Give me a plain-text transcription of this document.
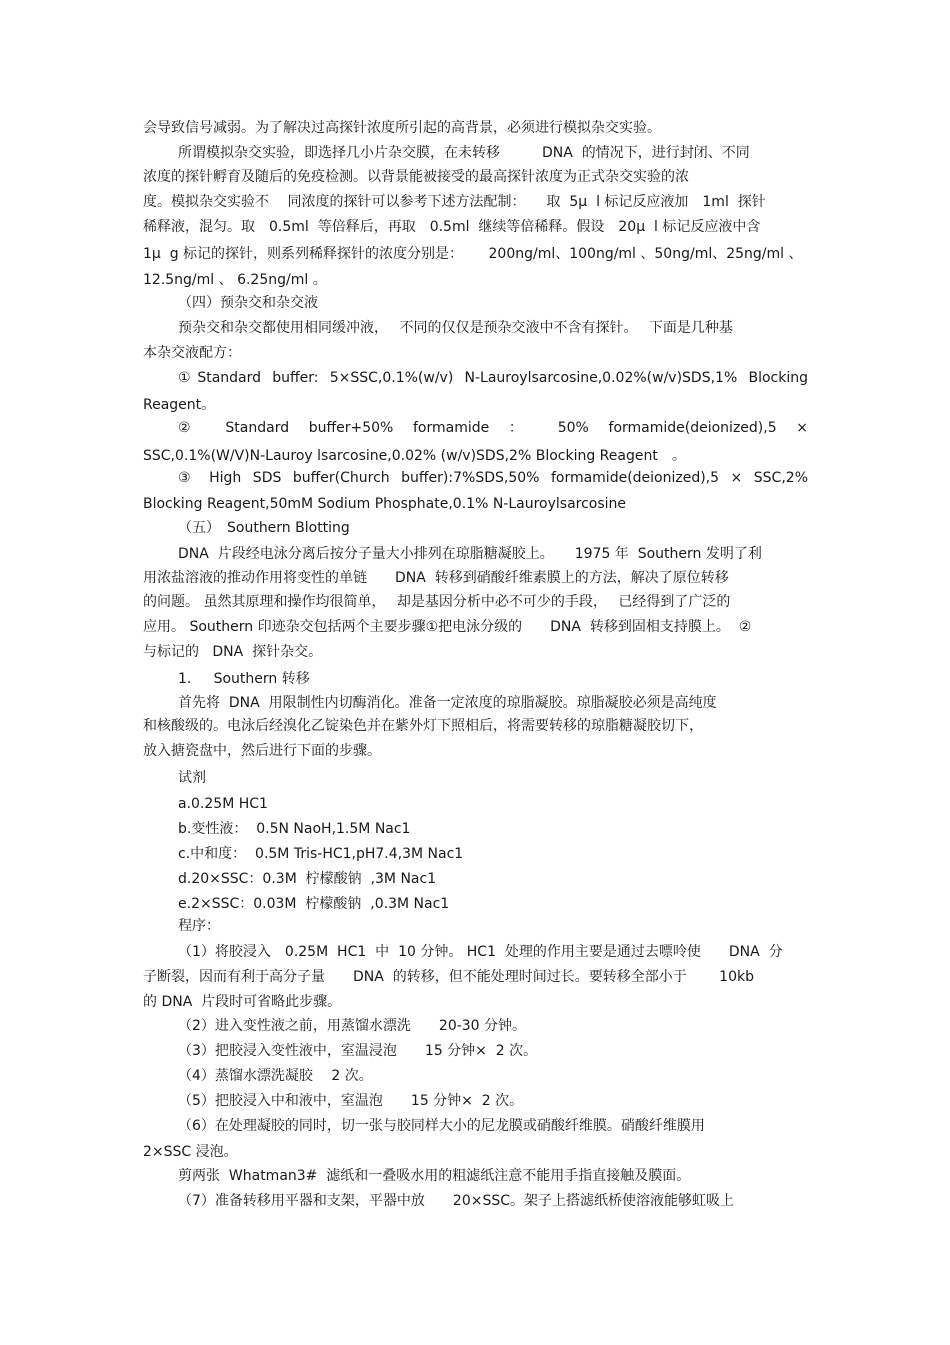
会导致信号减弱。为了解决过高探针浓度所引起的高背景，必须进行模拟杂交实验。
所谓模拟杂交实验，即选择几小片杂交膜，在未转移　　　DNA  的情况下，进行封闭、不同
浓度的探针孵育及随后的免疫检测。以背景能被接受的最高探针浓度为正式杂交实验的浓
度。模拟杂交实验不　 同浓度的探针可以参考下述方法配制：　　取  5μ  l 标记反应液加　1ml  探针
稀释液，混匀。取　0.5ml  等倍释后，再取　0.5ml  继续等倍稀释。假设　20μ  l 标记反应液中含
1μ  g 标记的探针，则系列稀释探针的浓度分别是：　　 200ng/ml、100ng/ml 、50ng/ml、25ng/ml 、
12.5ng/ml 、 6.25ng/ml 。
（四）预杂交和杂交液
预杂交和杂交都使用相同缓冲液，　 不同的仅仅是预杂交液中不含有探针。　 下面是几种基
本杂交液配方：
①Standard buffer: 5×SSC,0.1%(w/v) N-Lauroylsarcosine,0.02%(w/v)SDS,1% Blocking
Reagent。
② Standard buffer+50% formamide ： 50% formamide(deionized),5 ×
SSC,0.1%(W/V)N-Lauroy lsarcosine,0.02% (w/v)SDS,2% Blocking Reagent　。
③ High SDS buffer(Church buffer):7%SDS,50% formamide(deionized),5 × SSC,2%
Blocking Reagent,50mM Sodium Phosphate,0.1% N-Lauroylsarcosine
（五）　Southern Blotting
DNA  片段经电泳分离后按分子量大小排列在琼脂糖凝胶上。　　1975 年  Southern 发明了利
用浓盐溶液的推动作用将变性的单链　　DNA  转移到硝酸纤维素膜上的方法，解决了原位转移
的问题。 虽然其原理和操作均很简单，　 却是基因分析中必不可少的手段，　 已经得到了广泛的
应用。 Southern 印迹杂交包括两个主要步骤①把电泳分级的　　DNA  转移到固相支持膜上。  ②
与标记的   DNA  探针杂交。
1.     Southern 转移
首先将  DNA  用限制性内切酶消化。准备一定浓度的琼脂凝胶。琼脂凝胶必须是高纯度
和核酸级的。电泳后经溴化乙锭染色并在紫外灯下照相后，将需要转移的琼脂糖凝胶切下，
放入搪瓷盘中，然后进行下面的步骤。
试剂
a.0.25M HC1
b.变性液：  0.5N NaoH,1.5M Nac1
c.中和度：  0.5M Tris-HC1,pH7.4,3M Nac1
d.20×SSC：0.3M  柠檬酸钠  ,3M Nac1
e.2×SSC：0.03M  柠檬酸钠  ,0.3M Nac1
程序：
（1）将胶浸入　0.25M  HC1  中  10 分钟。 HC1  处理的作用主要是通过去嘌呤使　　DNA  分
子断裂，因而有利于高分子量　　DNA  的转移，但不能处理时间过长。要转移全部小于　　 10kb
的 DNA  片段时可省略此步骤。
（2）进入变性液之前，用蒸馏水漂洗　　20-30 分钟。
（3）把胶浸入变性液中，室温浸泡　　15 分钟×  2 次。
（4）蒸馏水漂洗凝胶　 2 次。
（5）把胶浸入中和液中，室温泡　　15 分钟×  2 次。
（6）在处理凝胶的同时，切一张与胶同样大小的尼龙膜或硝酸纤维膜。硝酸纤维膜用
2×SSC 浸泡。
剪两张  Whatman3#  滤纸和一叠吸水用的粗滤纸注意不能用手指直接触及膜面。
（7）准备转移用平器和支架，平器中放　　20×SSC。架子上搭滤纸桥使溶液能够虹吸上
